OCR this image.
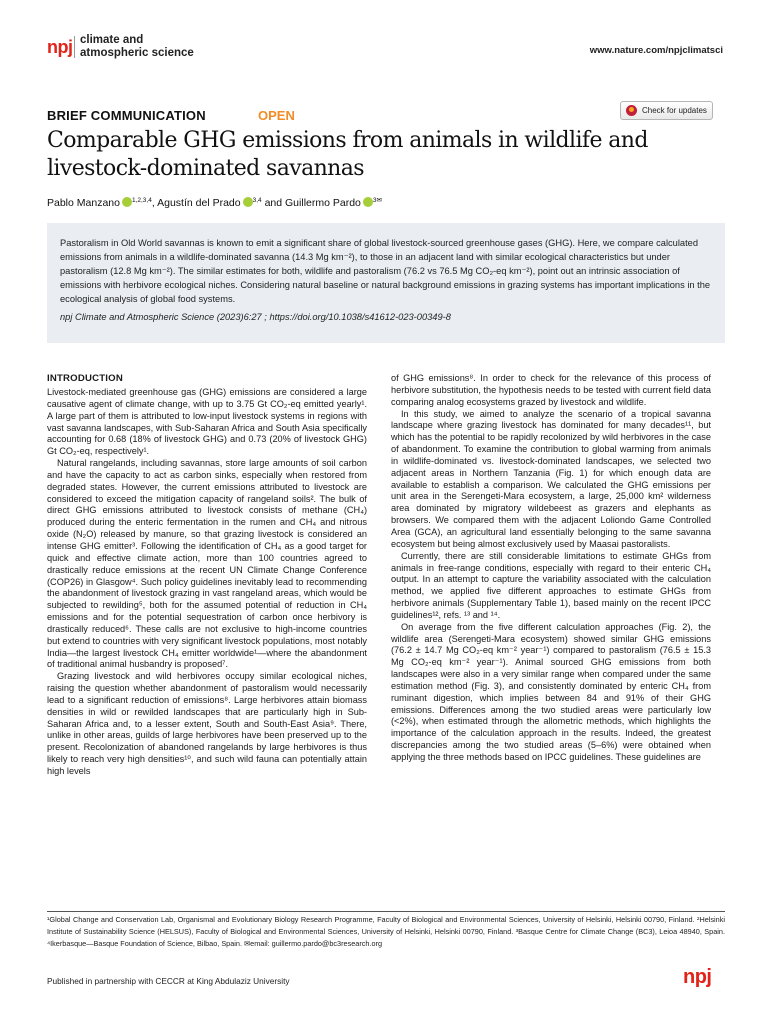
npj climate and
atmospheric science	www.nature.com/npjclimatsci
BRIEF COMMUNICATION	OPEN	Check for updates
Comparable GHG emissions from animals in wildlife and livestock-dominated savannas
Pablo Manzano $^{1,2,3,4}$, Agustín del Prado $^{3,4}$ and Guillermo Pardo $^{3✉}$

Pastoralism in Old World savannas is known to emit a significant share of global livestock-sourced greenhouse gases (GHG). Here, we compare calculated emissions from animals in a wildlife-dominated savanna (14.3 Mg km⁻²), to those in an adjacent land with similar ecological characteristics but under pastoralism (12.8 Mg km⁻²). The similar estimates for both, wildlife and pastoralism (76.2 vs 76.5 Mg CO₂-eq km⁻²), point out an intrinsic association of emissions with herbivore ecological niches. Considering natural baseline or natural background emissions in grazing systems has important implications in the ecological analysis of global food systems.

npj Climate and Atmospheric Science (2023)6:27 ; https://doi.org/10.1038/s41612-023-00349-8

INTRODUCTION

Livestock-mediated greenhouse gas (GHG) emissions are considered a large causative agent of climate change, with up to 3.75 Gt CO₂-eq emitted yearly¹. A large part of them is attributed to low-input livestock systems in regions with vast savanna landscapes, with Sub-Saharan Africa and South Asia specifically accounting for 0.68 (18% of livestock GHG) and 0.73 (20% of livestock GHG) Gt CO₂-eq, respectively¹.

Natural rangelands, including savannas, store large amounts of soil carbon and have the capacity to act as carbon sinks, especially when restored from degraded states. However, the current emissions attributed to livestock are considered to exceed the mitigation capacity of rangeland soils². The bulk of direct GHG emissions attributed to livestock consists of methane (CH₄) produced during the enteric fermentation in the rumen and CH₄ and nitrous oxide (N₂O) released by manure, so that grazing livestock is considered an intense GHG emitter³. Following the identification of CH₄ as a good target for quick and effective climate action, more than 100 countries agreed to drastically reduce emissions at the recent UN Climate Change Conference (COP26) in Glasgow⁴. Such policy guidelines inevitably lead to recommending the abandonment of livestock grazing in vast rangeland areas, which would be subjected to rewilding⁵, both for the assumed potential of reduction in CH₄ emissions and for the potential sequestration of carbon once herbivory is drastically reduced⁶. These calls are not exclusive to high-income countries but extend to countries with very significant livestock populations, most notably India—the largest livestock CH₄ emitter worldwide¹—where the abandonment of traditional animal husbandry is proposed⁷.

Grazing livestock and wild herbivores occupy similar ecological niches, raising the question whether abandonment of pastoralism would necessarily lead to a significant reduction of emissions⁸. Large herbivores attain biomass densities in wild or rewilded landscapes that are particularly high in Sub-Saharan Africa and, to a lesser extent, South and South-East Asia⁹. There, unlike in other areas, guilds of large herbivores have been preserved up to the present. Recolonization of abandoned rangelands by large herbivores is thus likely to reach very high densities¹⁰, and such wild fauna can potentially attain high levels

of GHG emissions⁸. In order to check for the relevance of this process of herbivore substitution, the hypothesis needs to be tested with current field data comparing analog ecosystems grazed by livestock and wildlife.

In this study, we aimed to analyze the scenario of a tropical savanna landscape where grazing livestock has dominated for many decades¹¹, but which has the potential to be rapidly recolonized by wild herbivores in the case of abandonment. To examine the contribution to global warming from animals in wildlife-dominated vs. livestock-dominated landscapes, we selected two adjacent areas in Northern Tanzania (Fig. 1) for which enough data are available to establish a comparison. We calculated the GHG emissions per unit area in the Serengeti-Mara ecosystem, a large, 25,000 km² wilderness area dominated by migratory wildebeest as grazers and elephants as browsers. We compared them with the adjacent Loliondo Game Controlled Area (GCA), an agricultural land essentially belonging to the same savanna ecosystem but being almost exclusively used by Maasai pastoralists.

Currently, there are still considerable limitations to estimate GHGs from animals in free-range conditions, especially with regard to their enteric CH₄ output. In an attempt to capture the variability associated with the calculation method, we applied five different approaches to estimate GHGs from herbivore animals (Supplementary Table 1), based mainly on the recent IPCC guidelines¹², refs. ¹³ and ¹⁴.

On average from the five different calculation approaches (Fig. 2), the wildlife area (Serengeti-Mara ecosystem) showed similar GHG emissions (76.2 ± 14.7 Mg CO₂-eq km⁻² year⁻¹) compared to pastoralism (76.5 ± 15.3 Mg CO₂-eq km⁻² year⁻¹). Animal sourced GHG emissions from both landscapes were also in a very similar range when compared under the same estimation method (Fig. 3), and consistently dominated by enteric CH₄ from ruminant digestion, which implies between 84 and 91% of their GHG emissions. Differences among the two studied areas were particularly low (<2%), when estimated through the allometric methods, which highlights the importance of the calculation approach in the results. Indeed, the greatest discrepancies among the two studied areas (5–6%) were obtained when applying the three methods based on IPCC guidelines. These guidelines are

¹Global Change and Conservation Lab, Organismal and Evolutionary Biology Research Programme, Faculty of Biological and Environmental Sciences, University of Helsinki, Helsinki 00790, Finland. ²Helsinki Institute of Sustainability Science (HELSUS), Faculty of Biological and Environmental Sciences, University of Helsinki, Helsinki 00790, Finland. ³Basque Centre for Climate Change (BC3), Leioa 48940, Spain. ⁴Ikerbasque—Basque Foundation of Science, Bilbao, Spain. ✉email: guillermo.pardo@bc3research.org

Published in partnership with CECCR at King Abdulaziz University	npj
